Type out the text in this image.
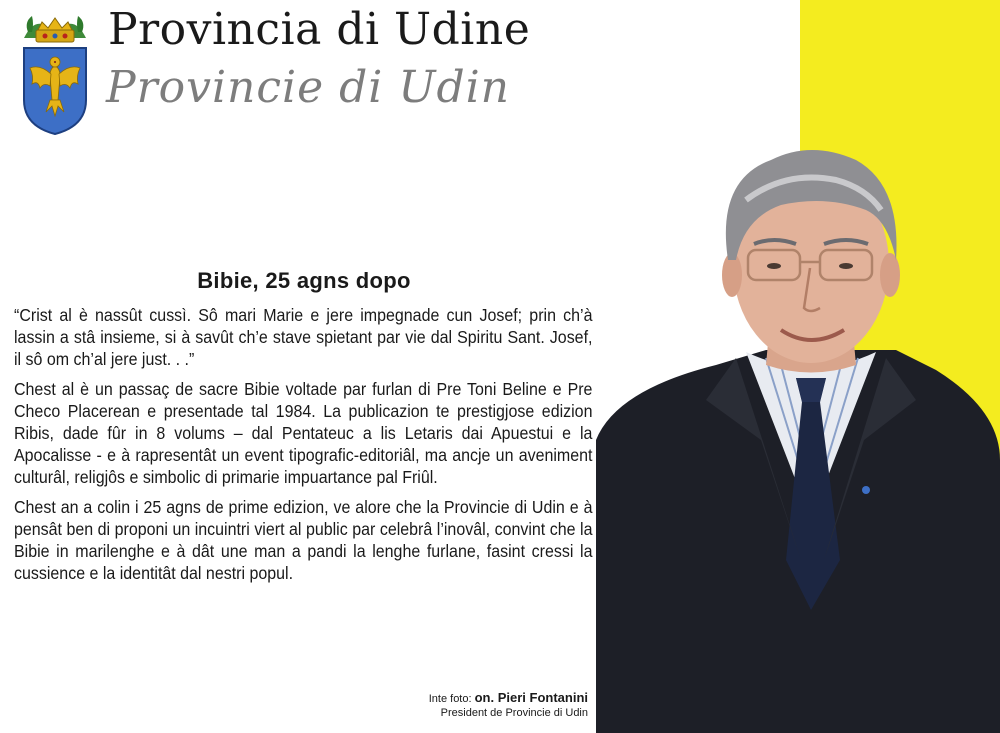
Provincia di Udine
Provincie di Udin
Bibie, 25 agns dopo

“Crist al è nassût cussì. Sô mari Marie e jere impegnade cun Josef; prin ch’à lassin a stâ insieme, si à savût ch’e stave spietant par vie dal Spiritu Sant. Josef, il sô om ch’al jere just. . .”

Chest al è un passaç de sacre Bibie voltade par furlan di Pre Toni Beline e Pre Checo Placerean e presentade tal 1984. La publicazion te prestigjose edizion Ribis, dade fûr in 8 volums – dal Pentateuc a lis Letaris dai Apuestui e la Apocalisse - e à rapresentât un event tipografic-editoriâl, ma ancje un aveniment culturâl, religjôs e simbolic di primarie impuartance pal Friûl.

Chest an a colin i 25 agns de prime edizion, ve alore che la Provincie di Udin e à pensât ben di proponi un incuintri viert al public par celebrâ l’inovâl, convint che la Bibie in marilenghe e à dât une man a pandi la lenghe furlane, fasint cressi la cussience e la identitât dal nestri popul.

Inte foto: on. Pieri Fontanini
President de Provincie di Udin
